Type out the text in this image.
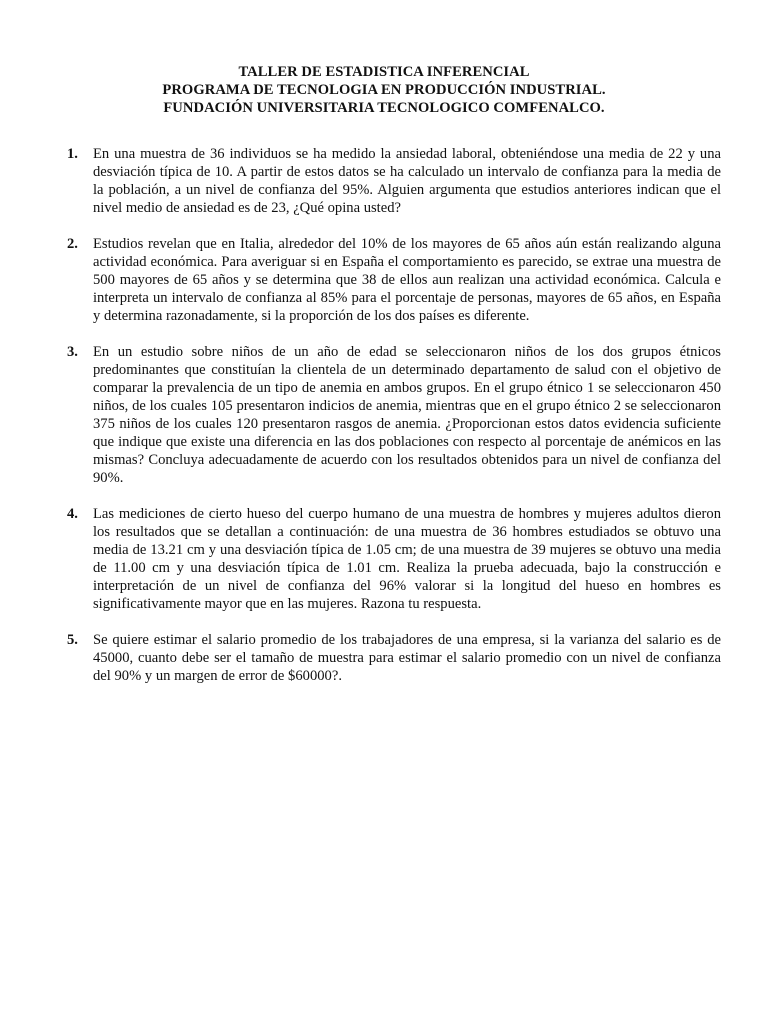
TALLER DE ESTADISTICA INFERENCIAL
PROGRAMA DE TECNOLOGIA EN PRODUCCIÓN INDUSTRIAL.
FUNDACIÓN UNIVERSITARIA TECNOLOGICO COMFENALCO.
1. En una muestra de 36 individuos se ha medido la ansiedad laboral, obteniéndose una media de 22 y una desviación típica de 10. A partir de estos datos se ha calculado un intervalo de confianza para la media de la población, a un nivel de confianza del 95%. Alguien argumenta que estudios anteriores indican que el nivel medio de ansiedad es de 23, ¿Qué opina usted?
2. Estudios revelan que en Italia, alrededor del 10% de los mayores de 65 años aún están realizando alguna actividad económica. Para averiguar si en España el comportamiento es parecido, se extrae una muestra de 500 mayores de 65 años y se determina que 38 de ellos aun realizan una actividad económica. Calcula e interpreta un intervalo de confianza al 85% para el porcentaje de personas, mayores de 65 años, en España y determina razonadamente, si la proporción de los dos países es diferente.
3. En un estudio sobre niños de un año de edad se seleccionaron niños de los dos grupos étnicos predominantes que constituían la clientela de un determinado departamento de salud con el objetivo de comparar la prevalencia de un tipo de anemia en ambos grupos. En el grupo étnico 1 se seleccionaron 450 niños, de los cuales 105 presentaron indicios de anemia, mientras que en el grupo étnico 2 se seleccionaron 375 niños de los cuales 120 presentaron rasgos de anemia. ¿Proporcionan estos datos evidencia suficiente que indique que existe una diferencia en las dos poblaciones con respecto al porcentaje de anémicos en las mismas? Concluya adecuadamente de acuerdo con los resultados obtenidos para un nivel de confianza del 90%.
4. Las mediciones de cierto hueso del cuerpo humano de una muestra de hombres y mujeres adultos dieron los resultados que se detallan a continuación: de una muestra de 36 hombres estudiados se obtuvo una media de 13.21 cm y una desviación típica de 1.05 cm; de una muestra de 39 mujeres se obtuvo una media de 11.00 cm y una desviación típica de 1.01 cm. Realiza la prueba adecuada, bajo la construcción e interpretación de un nivel de confianza del 96% valorar si la longitud del hueso en hombres es significativamente mayor que en las mujeres. Razona tu respuesta.
5. Se quiere estimar el salario promedio de los trabajadores de una empresa, si la varianza del salario es de 45000, cuanto debe ser el tamaño de muestra para estimar el salario promedio con un nivel de confianza del 90% y un margen de error de $60000?.
